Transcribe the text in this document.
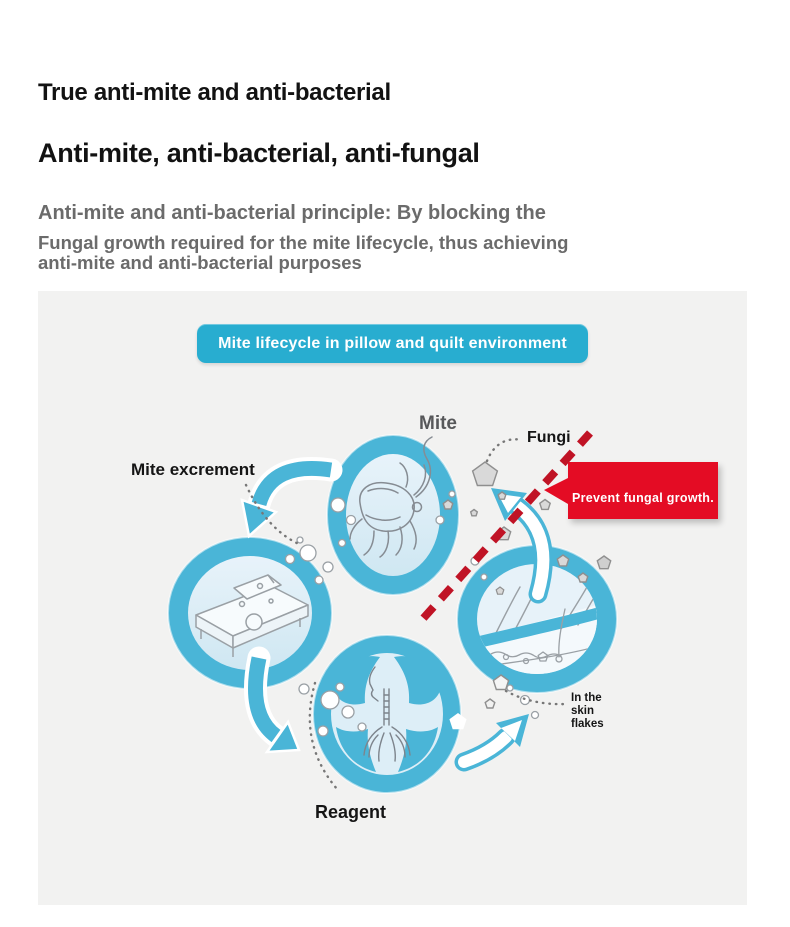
True anti-mite and anti-bacterial
Anti-mite, anti-bacterial, anti-fungal
Anti-mite and anti-bacterial principle: By blocking the
Fungal growth required for the mite lifecycle, thus achieving
anti-mite and anti-bacterial purposes
Mite lifecycle in pillow and quilt environment
Mite
Fungi
Mite excrement
Reagent
In the
skin
flakes
Prevent fungal growth.
